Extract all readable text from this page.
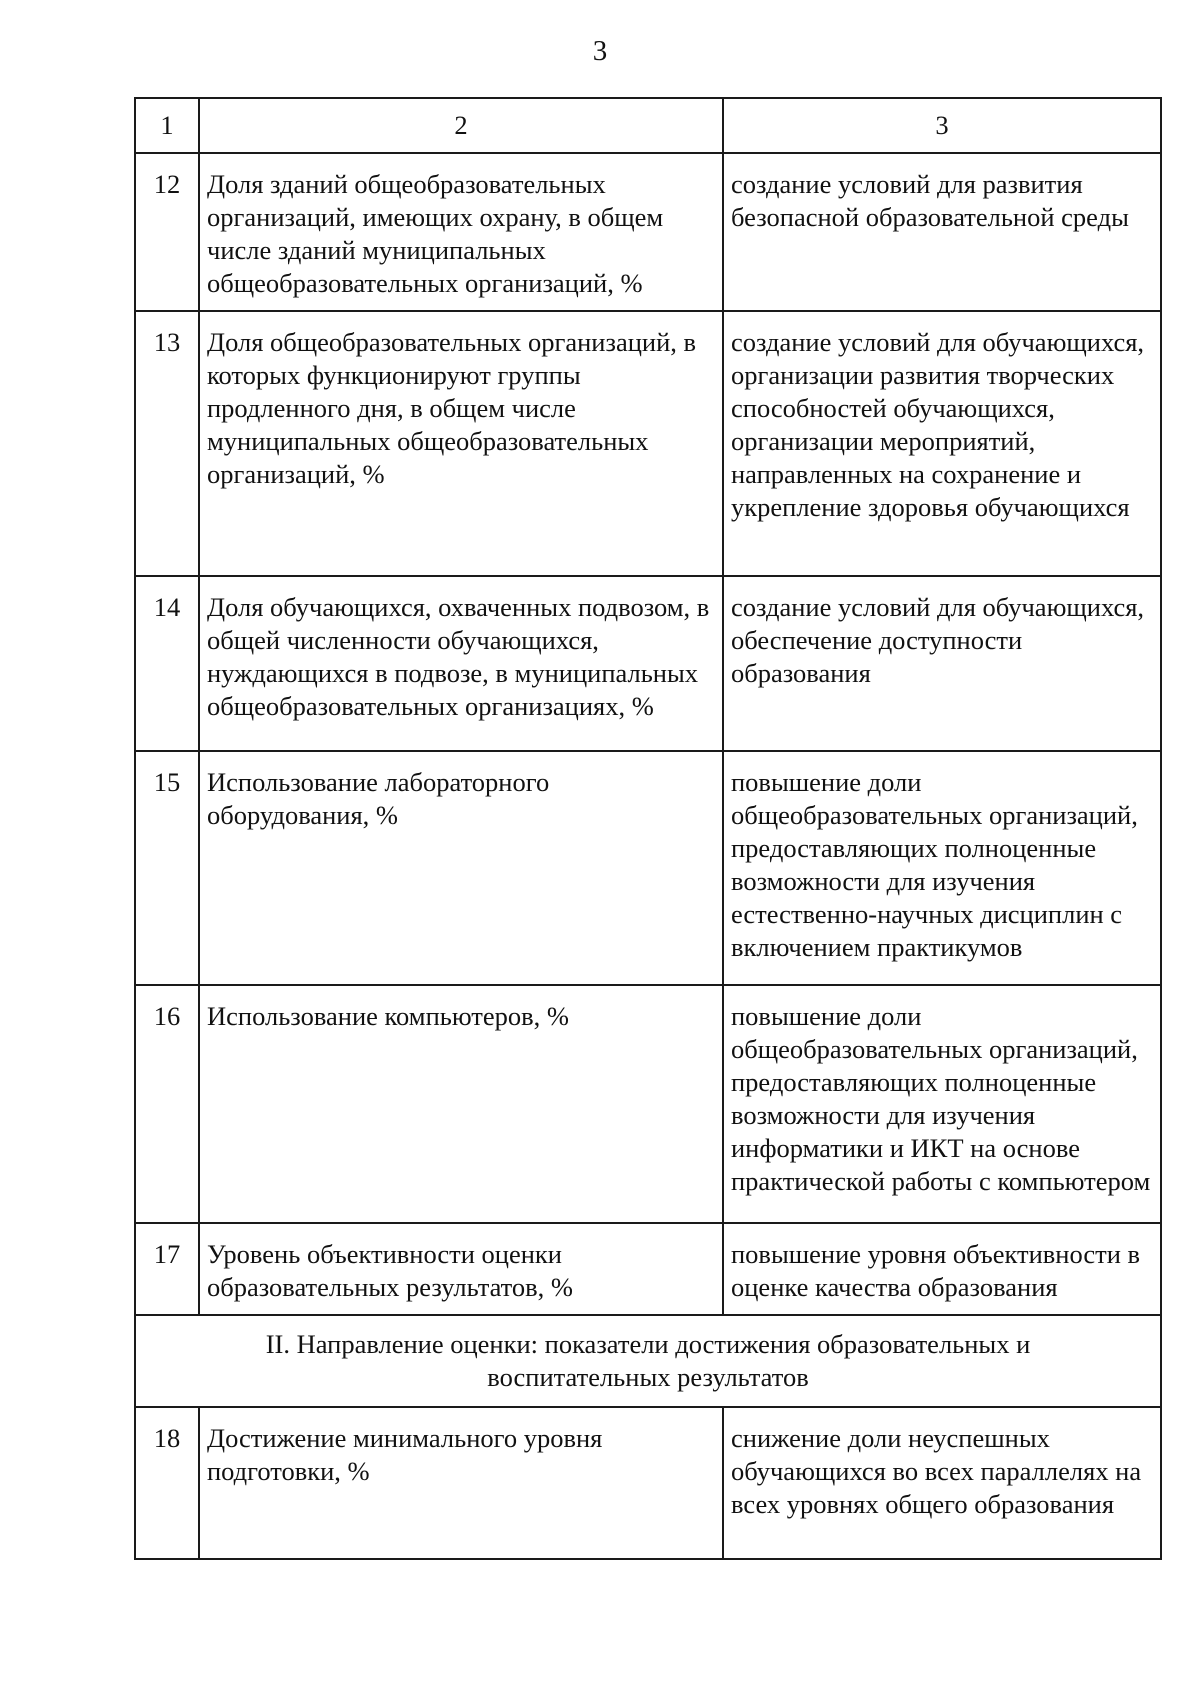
3
1	2	3
12	Доля зданий общеобразовательных организаций, имеющих охрану, в общем числе зданий муниципальных общеобразовательных организаций, %	создание условий для развития безопасной образовательной среды
13	Доля общеобразовательных организаций, в которых функционируют группы продленного дня, в общем числе муниципальных общеобразовательных организаций, %	создание условий для обучающихся, организации развития творческих способностей обучающихся, организации мероприятий, направленных на сохранение и укрепление здоровья обучающихся
14	Доля обучающихся, охваченных подвозом, в общей численности обучающихся, нуждающихся в подвозе, в муниципальных общеобразовательных организациях, %	создание условий для обучающихся, обеспечение доступности образования
15	Использование лабораторного оборудования, %	повышение доли общеобразовательных организаций, предоставляющих полноценные возможности для изучения естественно-научных дисциплин с включением практикумов
16	Использование компьютеров, %	повышение доли общеобразовательных организаций, предоставляющих полноценные возможности для изучения информатики и ИКТ на основе практической работы с компьютером
17	Уровень объективности оценки образовательных результатов, %	повышение уровня объективности в оценке качества образования
II. Направление оценки: показатели достижения образовательных и воспитательных результатов		
18	Достижение минимального уровня подготовки, %	снижение доли неуспешных обучающихся во всех параллелях на всех уровнях общего образования
